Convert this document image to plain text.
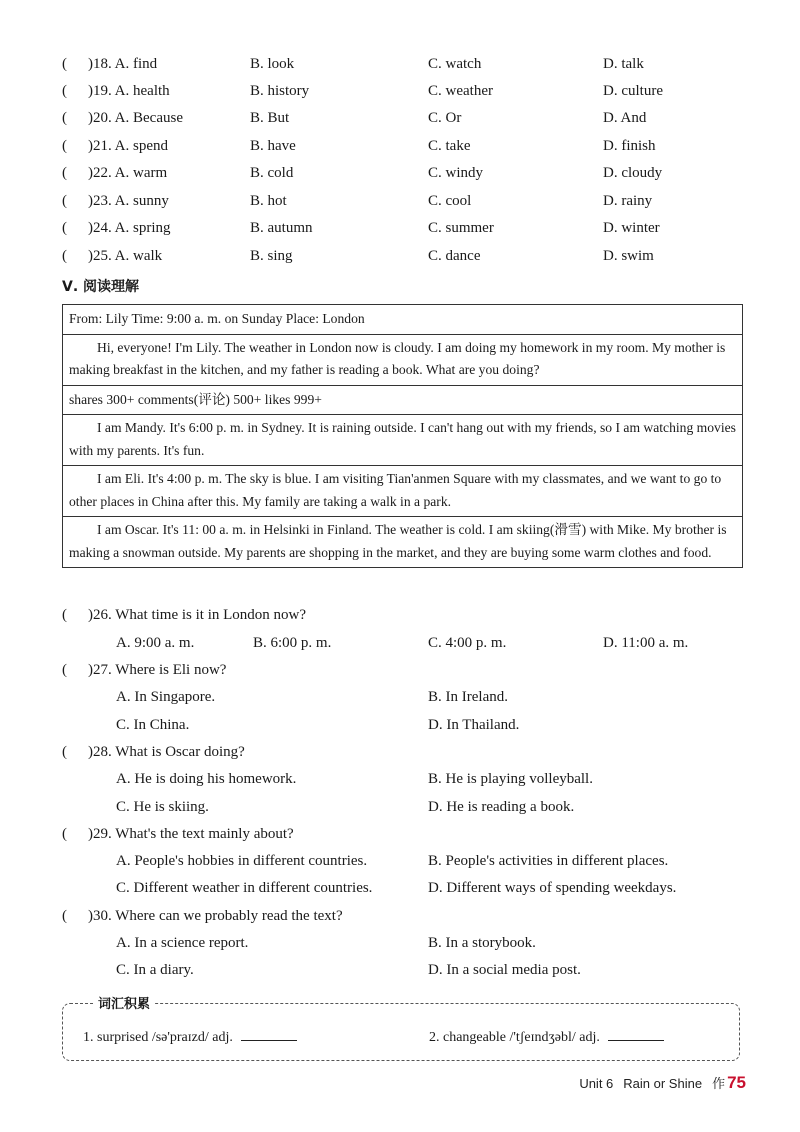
( )18. A. find	B. look	C. watch	D. talk
( )19. A. health	B. history	C. weather	D. culture
( )20. A. Because	B. But	C. Or	D. And
( )21. A. spend	B. have	C. take	D. finish
( )22. A. warm	B. cold	C. windy	D. cloudy
( )23. A. sunny	B. hot	C. cool	D. rainy
( )24. A. spring	B. autumn	C. summer	D. winter
( )25. A. walk	B. sing	C. dance	D. swim
Ⅴ. 阅读理解
From: Lily Time: 9:00 a. m. on Sunday Place: London
Hi, everyone! I'm Lily. The weather in London now is cloudy. I am doing my homework in my room. My mother is making breakfast in the kitchen, and my father is reading a book. What are you doing?
shares 300+ comments(评论) 500+ likes 999+
I am Mandy. It's 6:00 p. m. in Sydney. It is raining outside. I can't hang out with my friends, so I am watching movies with my parents. It's fun.
I am Eli. It's 4:00 p. m. The sky is blue. I am visiting Tian'anmen Square with my classmates, and we want to go to other places in China after this. My family are taking a walk in a park.
I am Oscar. It's 11: 00 a. m. in Helsinki in Finland. The weather is cold. I am skiing(滑雪) with Mike. My brother is making a snowman outside. My parents are shopping in the market, and they are buying some warm clothes and food.
( )26. What time is it in London now?
A. 9:00 a. m.	B. 6:00 p. m.	C. 4:00 p. m.	D. 11:00 a. m.
( )27. Where is Eli now?
A. In Singapore.	B. In Ireland.
C. In China.	D. In Thailand.
( )28. What is Oscar doing?
A. He is doing his homework.	B. He is playing volleyball.
C. He is skiing.	D. He is reading a book.
( )29. What's the text mainly about?
A. People's hobbies in different countries.	B. People's activities in different places.
C. Different weather in different countries.	D. Different ways of spending weekdays.
( )30. Where can we probably read the text?
A. In a science report.	B. In a storybook.
C. In a diary.	D. In a social media post.
词汇积累
1. surprised /sə'praɪzd/ adj.	2. changeable /'tʃeɪndʒəbl/ adj.
Unit 6 Rain or Shine 作 75
